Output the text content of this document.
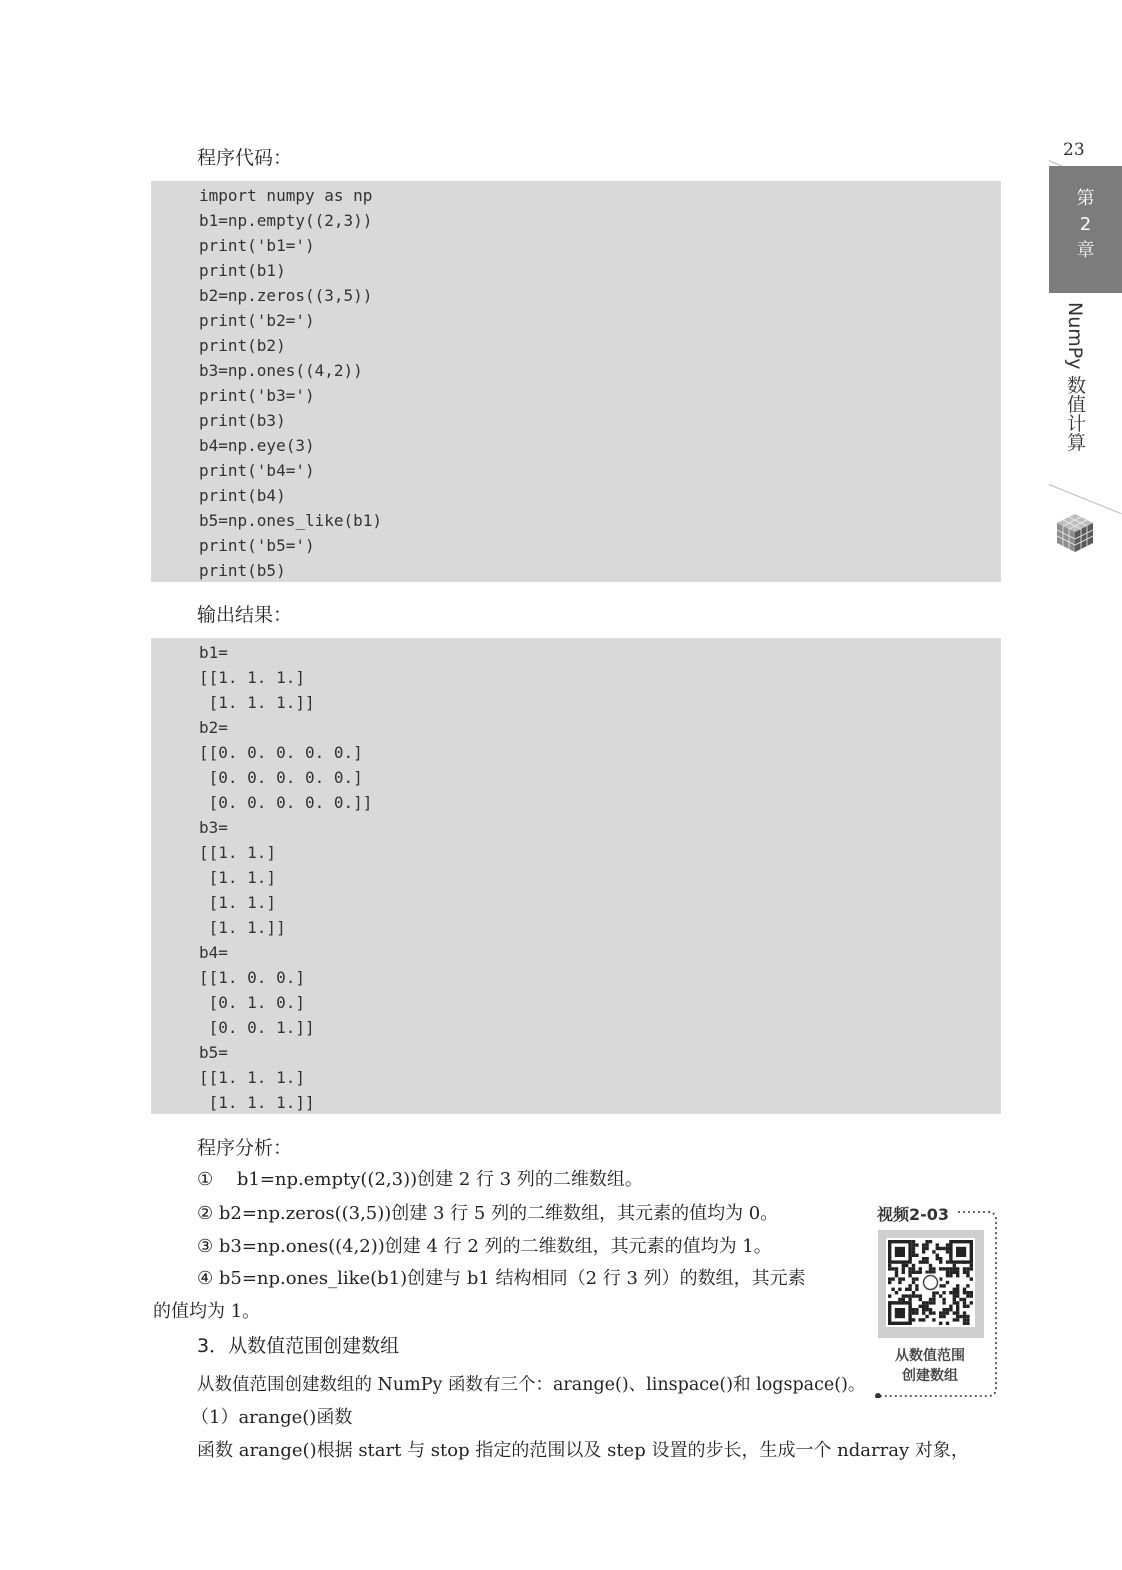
程序代码：
import numpy as np
b1=np.empty((2,3))
print('b1=')
print(b1)
b2=np.zeros((3,5))
print('b2=')
print(b2)
b3=np.ones((4,2))
print('b3=')
print(b3)
b4=np.eye(3)
print('b4=')
print(b4)
b5=np.ones_like(b1)
print('b5=')
print(b5)
输出结果：
b1=
[[1. 1. 1.]
[1. 1. 1.]]
b2=
[[0. 0. 0. 0. 0.]
[0. 0. 0. 0. 0.]
[0. 0. 0. 0. 0.]]
b3=
[[1. 1.]
[1. 1.]
[1. 1.]
[1. 1.]]
b4=
[[1. 0. 0.]
[0. 1. 0.]
[0. 0. 1.]]
b5=
[[1. 1. 1.]
[1. 1. 1.]]
程序分析：
①　 b1=np.empty((2,3))创建 2 行 3 列的二维数组。
② b2=np.zeros((3,5))创建 3 行 5 列的二维数组，其元素的值均为 0。
③ b3=np.ones((4,2))创建 4 行 2 列的二维数组，其元素的值均为 1。
④ b5=np.ones_like(b1)创建与 b1 结构相同（2 行 3 列）的数组，其元素
的值均为 1。
3．从数值范围创建数组
从数值范围创建数组的 NumPy 函数有三个：arange()、linspace()和 logspace()。
（1）arange()函数
函数 arange()根据 start 与 stop 指定的范围以及 step 设置的步长，生成一个 ndarray 对象，
23
第
2
章
NumPy 数值计算
视频2-03
从数值范围
创建数组
